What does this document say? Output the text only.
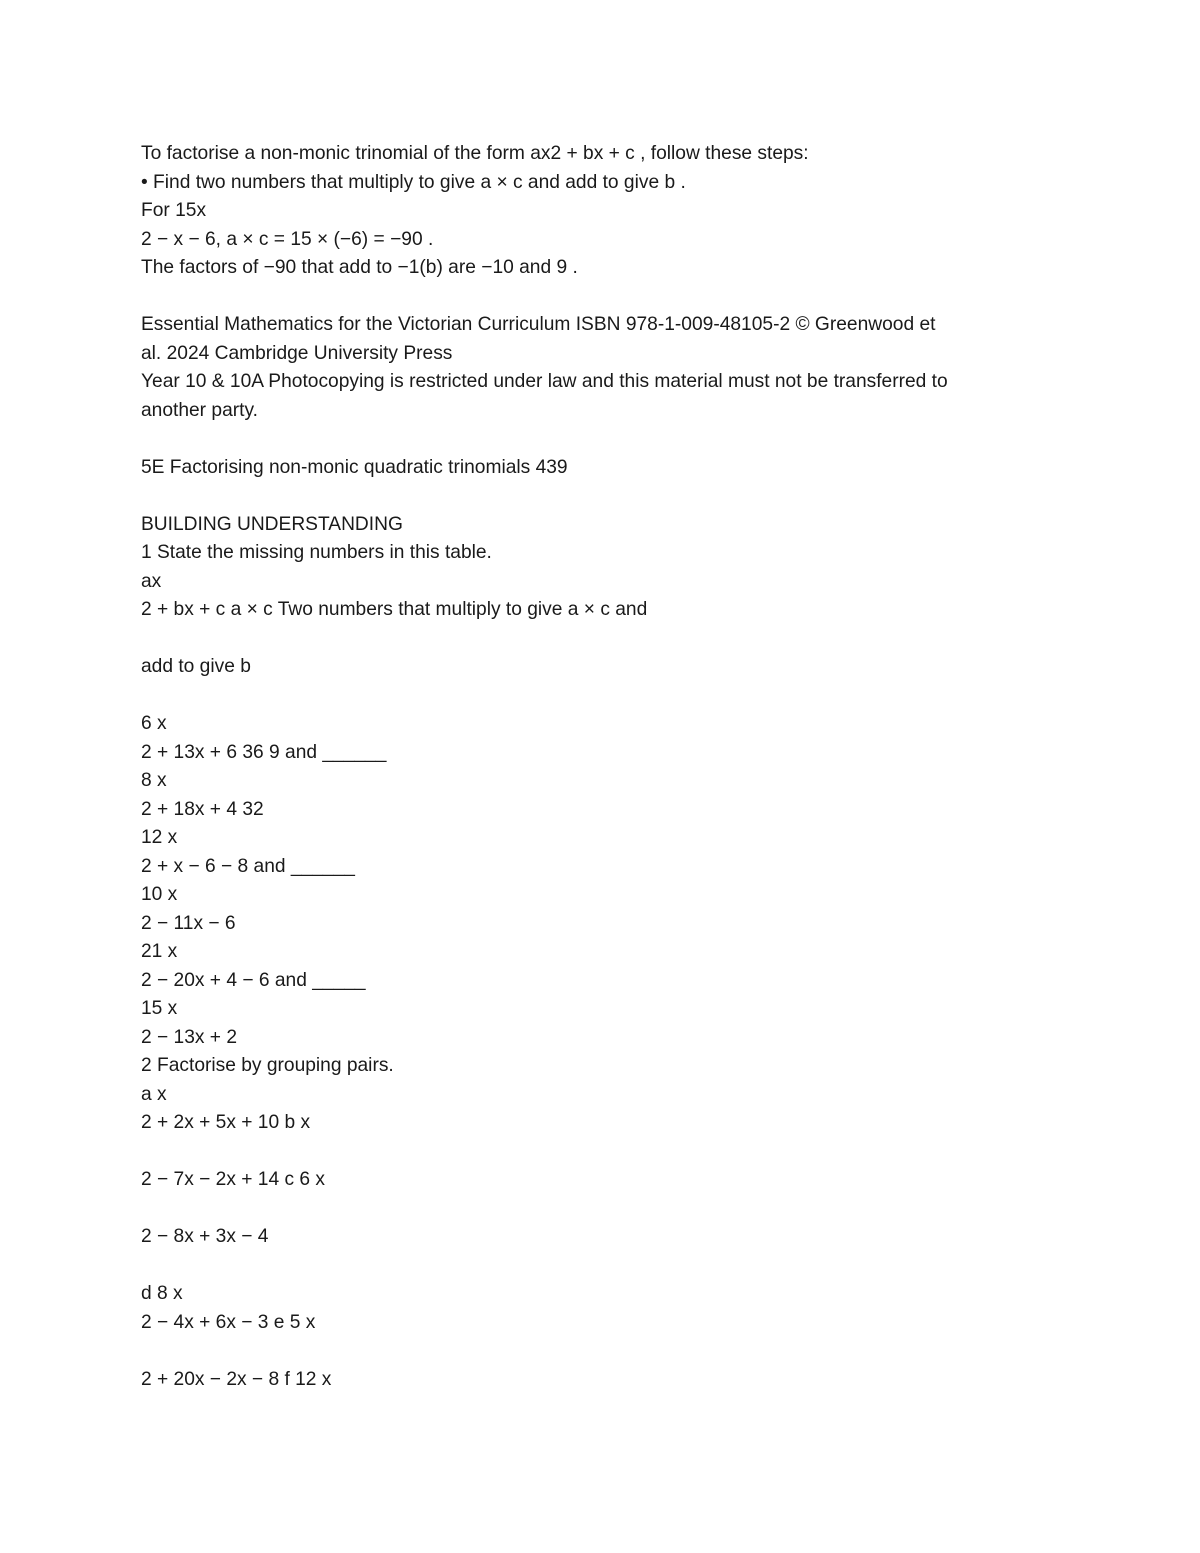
To factorise a non-monic trinomial of the form ax2 + bx + c , follow these steps:
• Find two numbers that multiply to give a × c and add to give b .
For 15x
2 − x − 6, a × c = 15 × (−6) = −90 .
The factors of −90 that add to −1(b) are −10 and 9 .
Essential Mathematics for the Victorian Curriculum ISBN 978-1-009-48105-2 © Greenwood et
al. 2024 Cambridge University Press
Year 10 & 10A Photocopying is restricted under law and this material must not be transferred to
another party.
5E Factorising non-monic quadratic trinomials 439
BUILDING UNDERSTANDING
1 State the missing numbers in this table.
ax
2 + bx + c a × c Two numbers that multiply to give a × c and
add to give b
6 x
2 + 13x + 6 36 9 and ______
8 x
2 + 18x + 4 32
12 x
2 + x − 6 − 8 and ______
10 x
2 − 11x − 6
21 x
2 − 20x + 4 − 6 and _____
15 x
2 − 13x + 2
2 Factorise by grouping pairs.
a x
2 + 2x + 5x + 10 b x
2 − 7x − 2x + 14 c 6 x
2 − 8x + 3x − 4
d 8 x
2 − 4x + 6x − 3 e 5 x
2 + 20x − 2x − 8 f 12 x
